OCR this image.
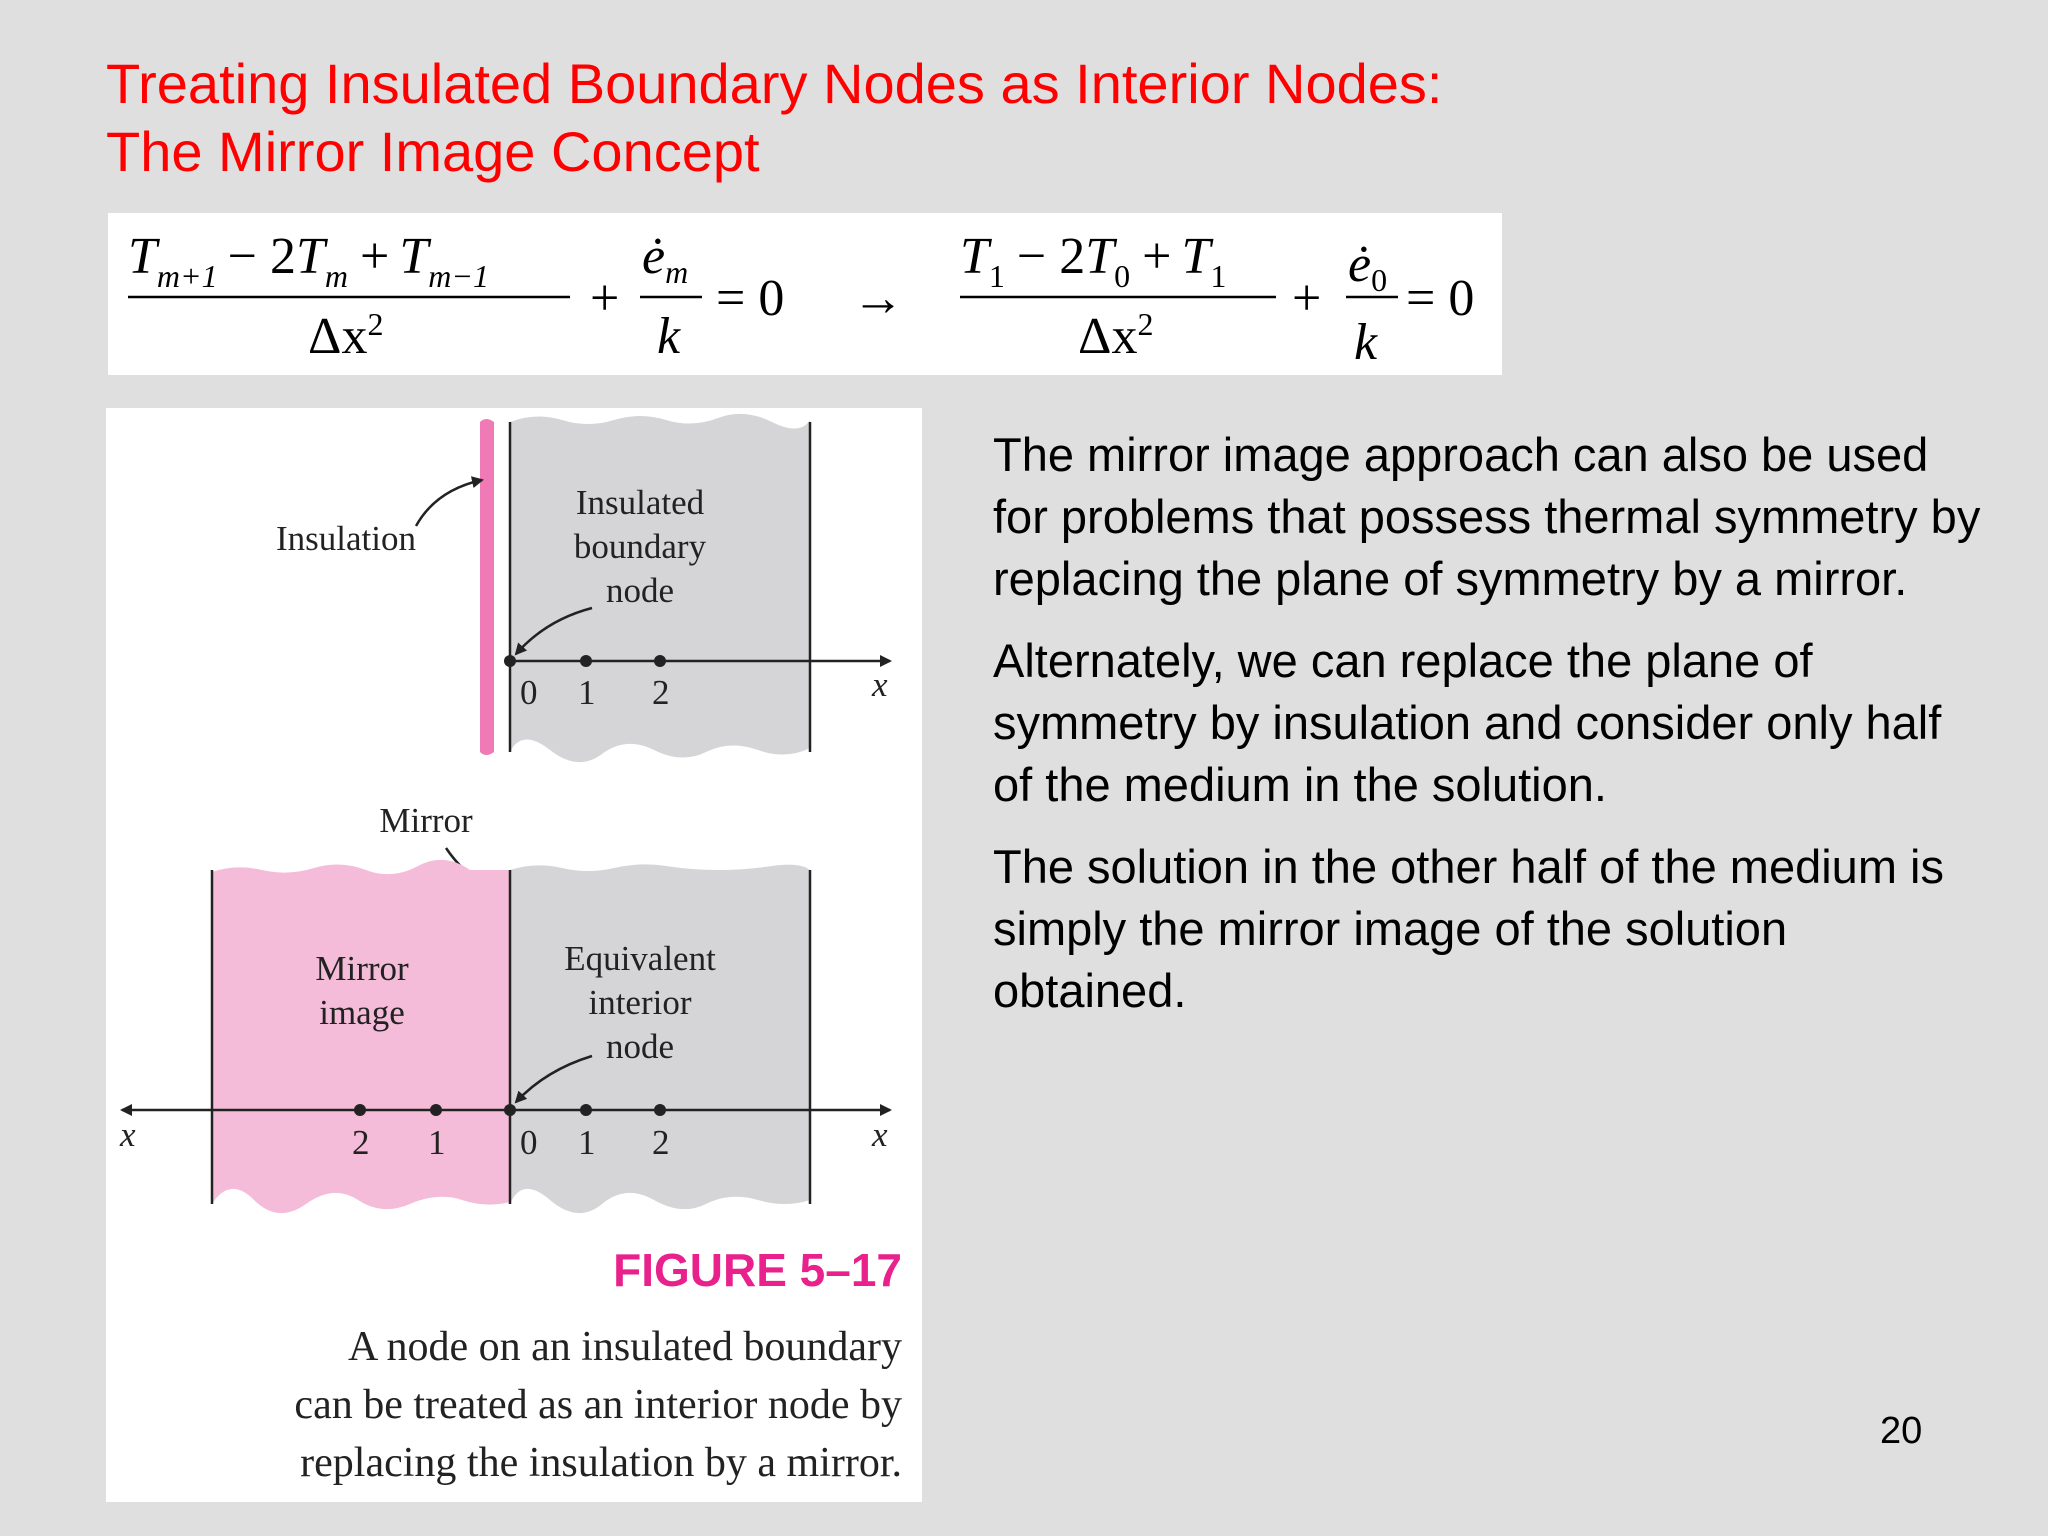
Treating Insulated Boundary Nodes as Interior Nodes:
The Mirror Image Concept
$T_{m+1} - 2T_m + T_{m-1}$
$\Delta x^2$	+
ėm
k
= 0 →
$T_1 - 2T_0 + T_1$
$\Delta x^2$	+
ė0
k
= 0
0 1 2	x
Insulation
Insulated
boundary
node
Mirror
2 1 0 1 2
x	x
Mirror
image
Equivalent
interior
node
FIGURE 5–17
A node on an insulated boundary
can be treated as an interior node by
replacing the insulation by a mirror.

The mirror image approach can also be used for problems that possess thermal symmetry by replacing the plane of symmetry by a mirror.

Alternately, we can replace the plane of symmetry by insulation and consider only half of the medium in the solution.

The solution in the other half of the medium is simply the mirror image of the solution obtained.

20
